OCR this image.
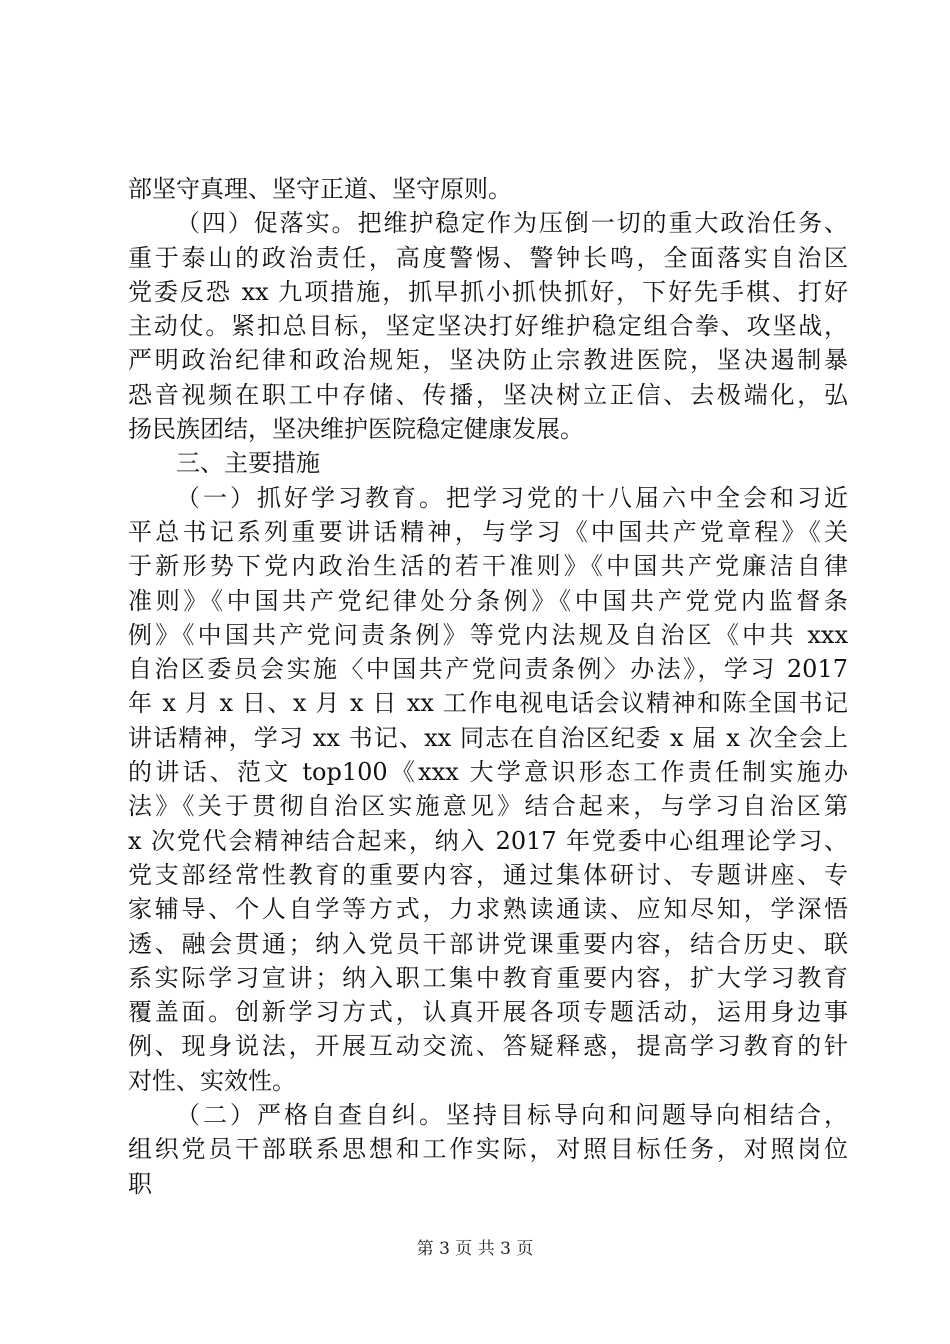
部坚守真理、坚守正道、坚守原则。
（四）促落实。把维护稳定作为压倒一切的重大政治任务、
重于泰山的政治责任，高度警惕、警钟长鸣，全面落实自治区
党委反恐 xx 九项措施，抓早抓小抓快抓好，下好先手棋、打好
主动仗。紧扣总目标，坚定坚决打好维护稳定组合拳、攻坚战，
严明政治纪律和政治规矩，坚决防止宗教进医院，坚决遏制暴
恐音视频在职工中存储、传播，坚决树立正信、去极端化，弘
扬民族团结，坚决维护医院稳定健康发展。
三、主要措施
（一）抓好学习教育。把学习党的十八届六中全会和习近
平总书记系列重要讲话精神，与学习《中国共产党章程》《关
于新形势下党内政治生活的若干准则》《中国共产党廉洁自律
准则》《中国共产党纪律处分条例》《中国共产党党内监督条
例》《中国共产党问责条例》等党内法规及自治区《中共 xxx
自治区委员会实施〈中国共产党问责条例〉办法》，学习 2017
年 x 月 x 日、x 月 x 日 xx 工作电视电话会议精神和陈全国书记
讲话精神，学习 xx 书记、xx 同志在自治区纪委 x 届 x 次全会上
的讲话、范文 top100《xxx 大学意识形态工作责任制实施办
法》《关于贯彻自治区实施意见》结合起来，与学习自治区第
x 次党代会精神结合起来，纳入 2017 年党委中心组理论学习、
党支部经常性教育的重要内容，通过集体研讨、专题讲座、专
家辅导、个人自学等方式，力求熟读通读、应知尽知，学深悟
透、融会贯通；纳入党员干部讲党课重要内容，结合历史、联
系实际学习宣讲；纳入职工集中教育重要内容，扩大学习教育
覆盖面。创新学习方式，认真开展各项专题活动，运用身边事
例、现身说法，开展互动交流、答疑释惑，提高学习教育的针
对性、实效性。
（二）严格自查自纠。坚持目标导向和问题导向相结合，
组织党员干部联系思想和工作实际，对照目标任务，对照岗位
职
第 3 页 共 3 页
